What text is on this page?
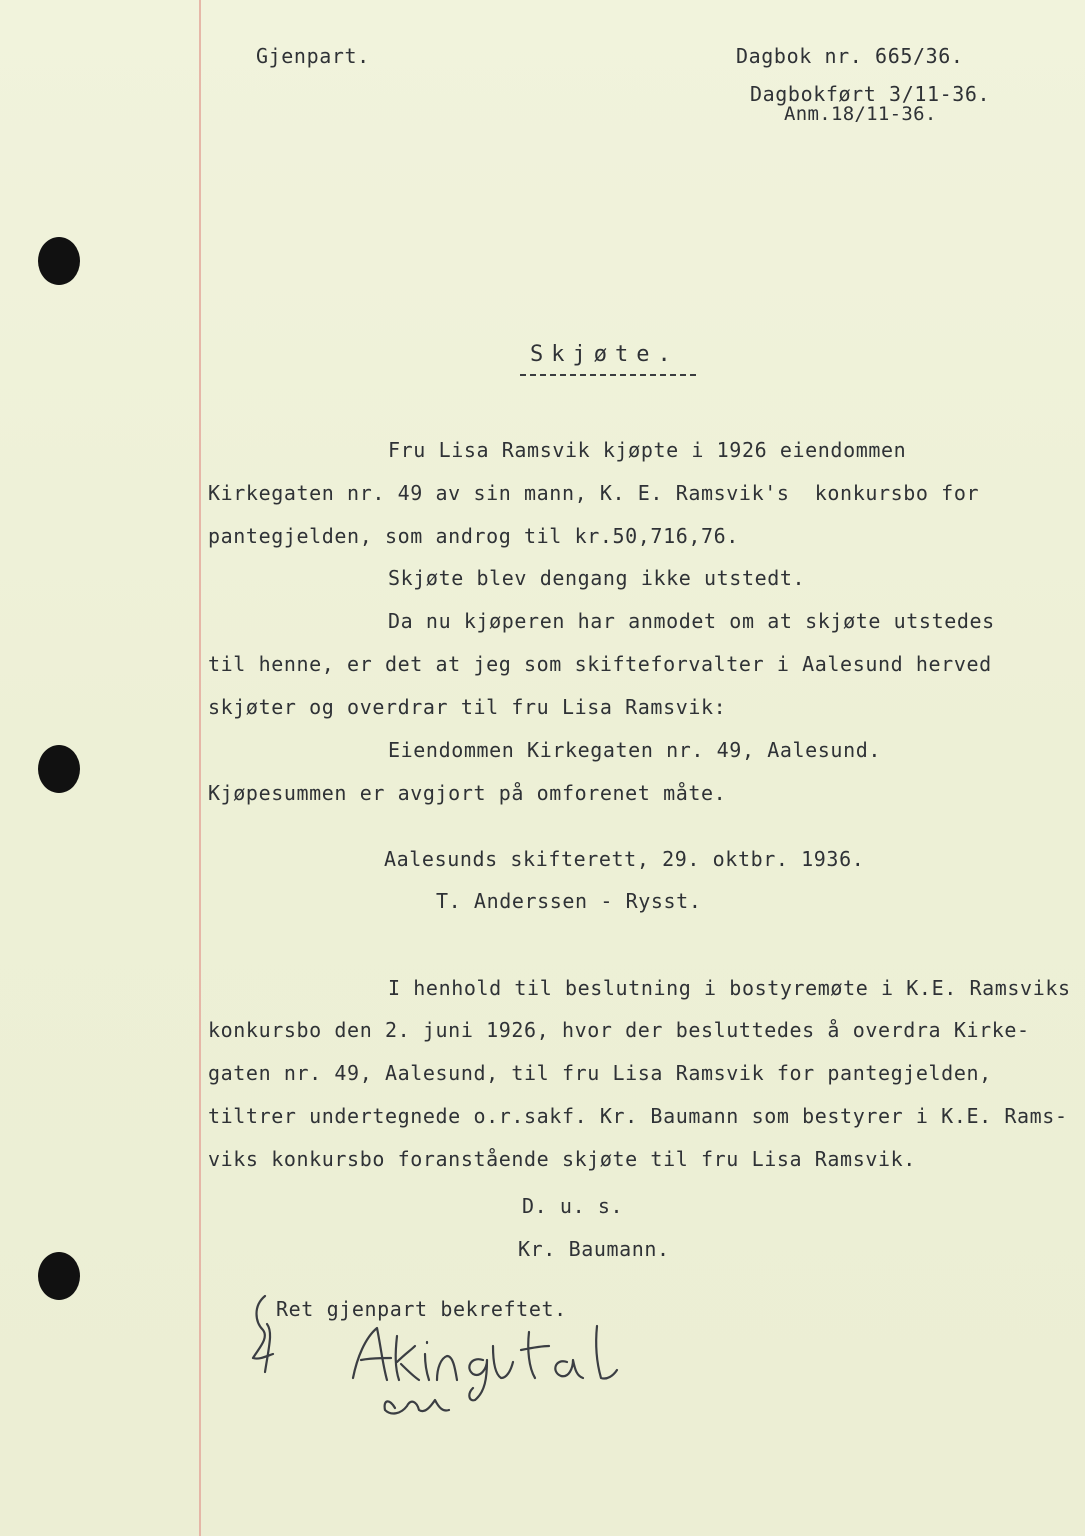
Gjenpart.	Dagbok nr. 665/36.
Dagbokført 3/11-36.
Anm.18/11-36.
Skjøte.
Fru Lisa Ramsvik kjøpte i 1926 eiendommen
Kirkegaten nr. 49 av sin mann, K. E. Ramsvik's  konkursbo for
pantegjelden, som androg til kr.50,716,76.
Skjøte blev dengang ikke utstedt.
Da nu kjøperen har anmodet om at skjøte utstedes
til henne, er det at jeg som skifteforvalter i Aalesund herved
skjøter og overdrar til fru Lisa Ramsvik:
Eiendommen Kirkegaten nr. 49, Aalesund.
Kjøpesummen er avgjort på omforenet måte.
Aalesunds skifterett, 29. oktbr. 1936.
T. Anderssen - Rysst.
I henhold til beslutning i bostyremøte i K.E. Ramsviks
konkursbo den 2. juni 1926, hvor der besluttedes å overdra Kirke-
gaten nr. 49, Aalesund, til fru Lisa Ramsvik for pantegjelden,
tiltrer undertegnede o.r.sakf. Kr. Baumann som bestyrer i K.E. Rams-
viks konkursbo foranstående skjøte til fru Lisa Ramsvik.
D. u. s.
Kr. Baumann.
Ret gjenpart bekreftet.
